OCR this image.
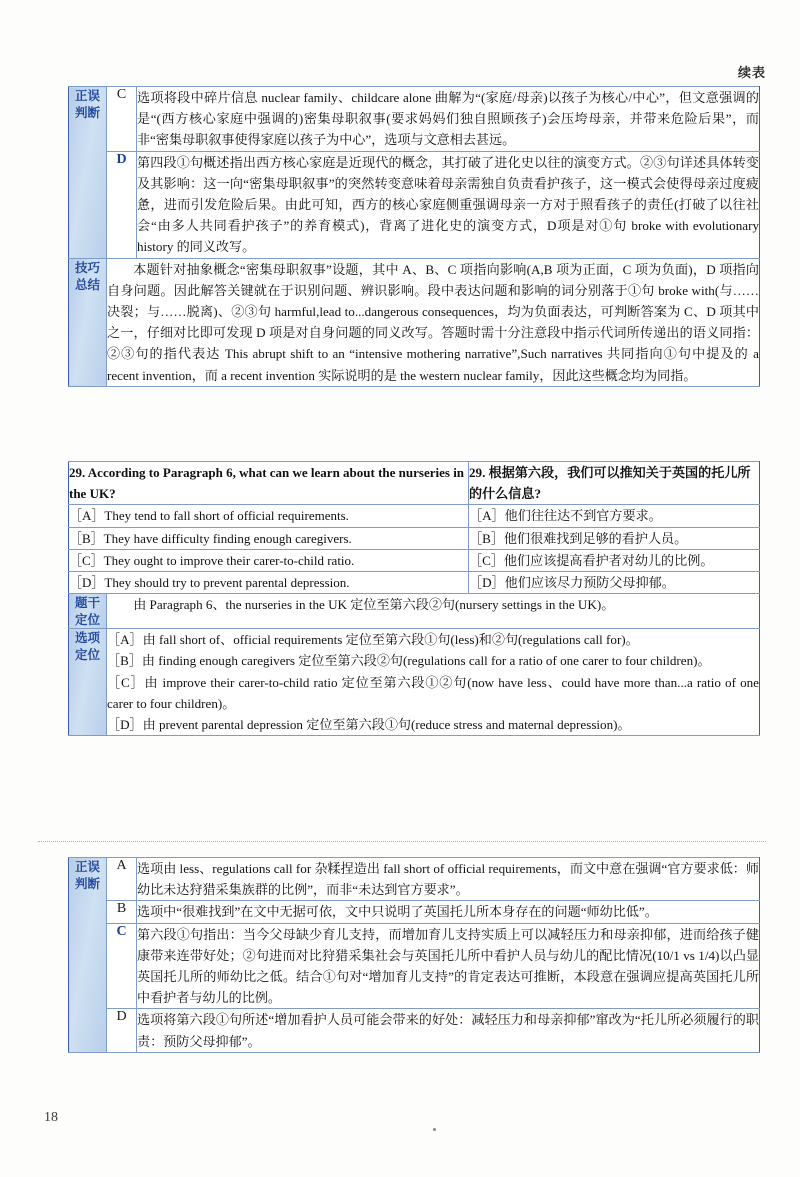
续表
正误
判断	C	选项将段中碎片信息 nuclear family、childcare alone 曲解为“(家庭/母亲)以孩子为核心/中心”，但文意强调的是“(西方核心家庭中强调的)密集母职叙事(要求妈妈们独自照顾孩子)会压垮母亲，并带来危险后果”，而非“密集母职叙事使得家庭以孩子为中心”，选项与文意相去甚远。
	D	第四段①句概述指出西方核心家庭是近现代的概念，其打破了进化史以往的演变方式。②③句详述具体转变及其影响：这一向“密集母职叙事”的突然转变意味着母亲需独自负责看护孩子，这一模式会使得母亲过度疲惫，进而引发危险后果。由此可知，西方的核心家庭侧重强调母亲一方对于照看孩子的责任(打破了以往社会“由多人共同看护孩子”的养育模式)，背离了进化史的演变方式，D项是对①句 broke with evolutionary history 的同义改写。

技巧
总结	本题针对抽象概念“密集母职叙事”设题，其中 A、B、C 项指向影响(A,B 项为正面，C 项为负面)，D 项指向自身问题。因此解答关键就在于识别问题、辨识影响。段中表达问题和影响的词分别落于①句 broke with(与……决裂；与……脱离)、②③句 harmful,lead to...dangerous consequences，均为负面表达，可判断答案为 C、D 项其中之一，仔细对比即可发现 D 项是对自身问题的同义改写。答题时需十分注意段中指示代词所传递出的语义同指：②③句的指代表达 This abrupt shift to an “intensive mothering narrative”,Such narratives 共同指向①句中提及的 a recent invention，而 a recent invention 实际说明的是 the western nuclear family，因此这些概念均为同指。	

29. According to Paragraph 6, what can we learn about the nurseries in the UK?		29. 根据第六段，我们可以推知关于英国的托儿所的什么信息?
［A］They tend to fall short of official requirements.		［A］他们往往达不到官方要求。
［B］They have difficulty finding enough caregivers.		［B］他们很难找到足够的看护人员。
［C］They ought to improve their carer-to-child ratio.		［C］他们应该提高看护者对幼儿的比例。
［D］They should try to prevent parental depression.		［D］他们应该尽力预防父母抑郁。

题干
定位	由 Paragraph 6、the nurseries in the UK 定位至第六段②句(nursery settings in the UK)。	

选项
定位

［A］由 fall short of、official requirements 定位至第六段①句(less)和②句(regulations call for)。

［B］由 finding enough caregivers 定位至第六段②句(regulations call for a ratio of one carer to four children)。

［C］由 improve their carer-to-child ratio 定位至第六段①②句(now have less、could have more than...a ratio of one carer to four children)。

［D］由 prevent parental depression 定位至第六段①句(reduce stress and maternal depression)。

正误
判断	A	选项由 less、regulations call for 杂糅捏造出 fall short of official requirements，而文中意在强调“官方要求低：师幼比未达狩猎采集族群的比例”，而非“未达到官方要求”。
	B	选项中“很难找到”在文中无据可依，文中只说明了英国托儿所本身存在的问题“师幼比低”。
	C	第六段①句指出：当今父母缺少育儿支持，而增加育儿支持实质上可以减轻压力和母亲抑郁，进而给孩子健康带来连带好处；②句进而对比狩猎采集社会与英国托儿所中看护人员与幼儿的配比情况(10/1 vs 1/4)以凸显英国托儿所的师幼比之低。结合①句对“增加育儿支持”的肯定表达可推断，本段意在强调应提高英国托儿所中看护者与幼儿的比例。
	D	选项将第六段①句所述“增加看护人员可能会带来的好处：减轻压力和母亲抑郁”窜改为“托儿所必须履行的职责：预防父母抑郁”。
18
